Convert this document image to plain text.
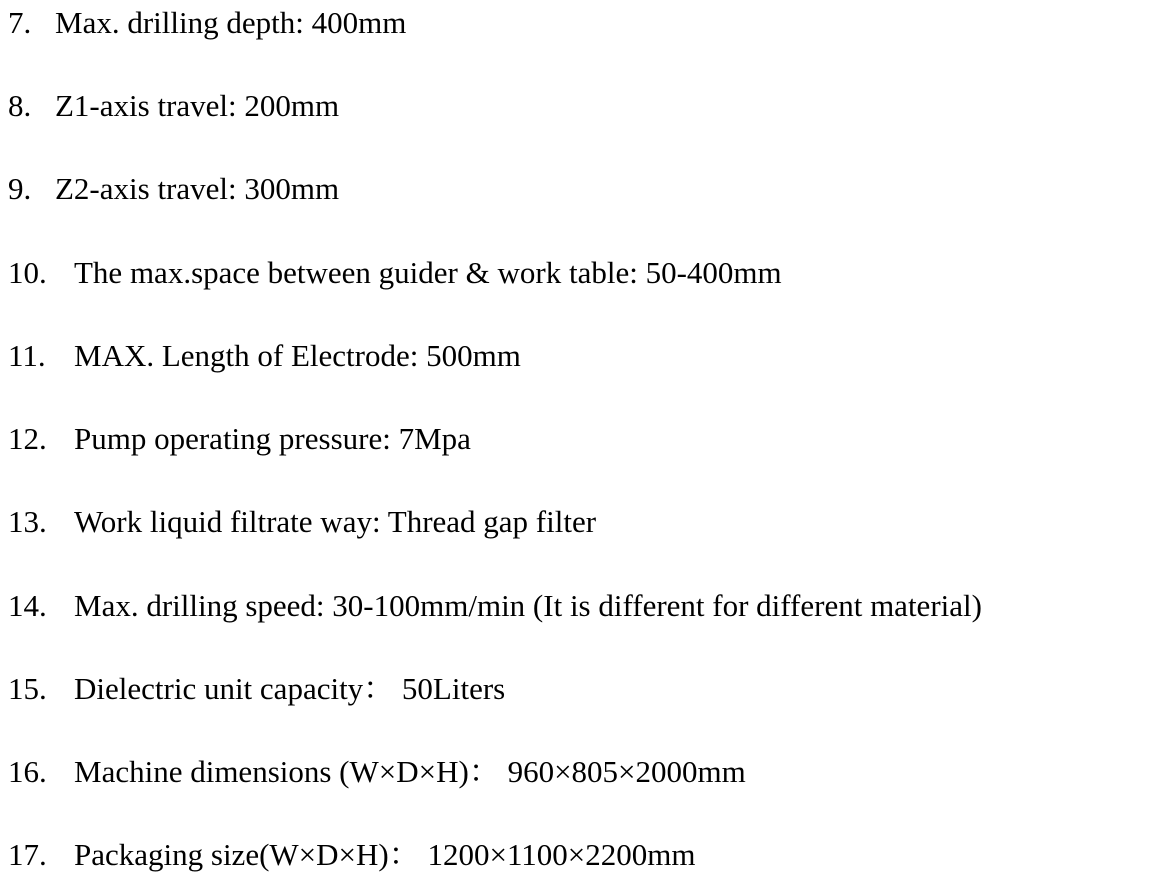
7. Max. drilling depth: 400mm
8. Z1-axis travel: 200mm
9. Z2-axis travel: 300mm
10. The max.space between guider & work table: 50-400mm
11. MAX. Length of Electrode: 500mm
12. Pump operating pressure: 7Mpa
13. Work liquid filtrate way: Thread gap filter
14. Max. drilling speed: 30-100mm/min (It is different for different material)
15. Dielectric unit capacity： 50Liters
16. Machine dimensions (W×D×H)： 960×805×2000mm
17. Packaging size(W×D×H)： 1200×1100×2200mm
